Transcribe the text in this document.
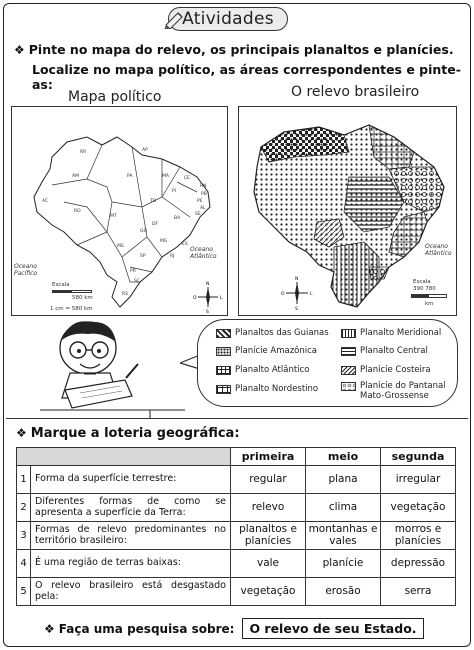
Atividades
❖ Pinte no mapa do relevo, os principais planaltos e planícies.
Localize no mapa político, as áreas correspondentes e pinte-as:
Mapa político	O relevo brasileiro
RR	AP
AM	PA	MA	CE
RN
PB
PE
AL
SE
PI
AC
RO
TO
BA
MT
DF
GO
MG
ES
MS
SP	RJ
PR
SC
RS
N
S
L
O
Oceano Atlântico
Oceano Pacífico
Escala
580 km
1 cm = 580 km
N
S
L
O
Oceano Atlântico
Escala
390 780
km
Planaltos das Guianas	Planalto Meridional
Planície Amazônica	Planalto Central
Planalto Atlântico	Planície Costeira
Planalto Nordestino	Planície do Pantanal Mato-Grossense
❖ Marque a loteria geográfica:
		primeira	meio	segunda
1	Forma da superfície terrestre:	regular	plana	irregular
2	Diferentes formas de como se apresenta a superfície da Terra:	relevo	clima	vegetação
3	Formas de relevo predominantes no território brasileiro:	planaltos e planícies	montanhas e vales	morros e planícies
4	É uma região de terras baixas:	vale	planície	depressão
5	O relevo brasileiro está desgastado pela:	vegetação	erosão	serra
❖ Faça uma pesquisa sobre:	O relevo de seu Estado.
